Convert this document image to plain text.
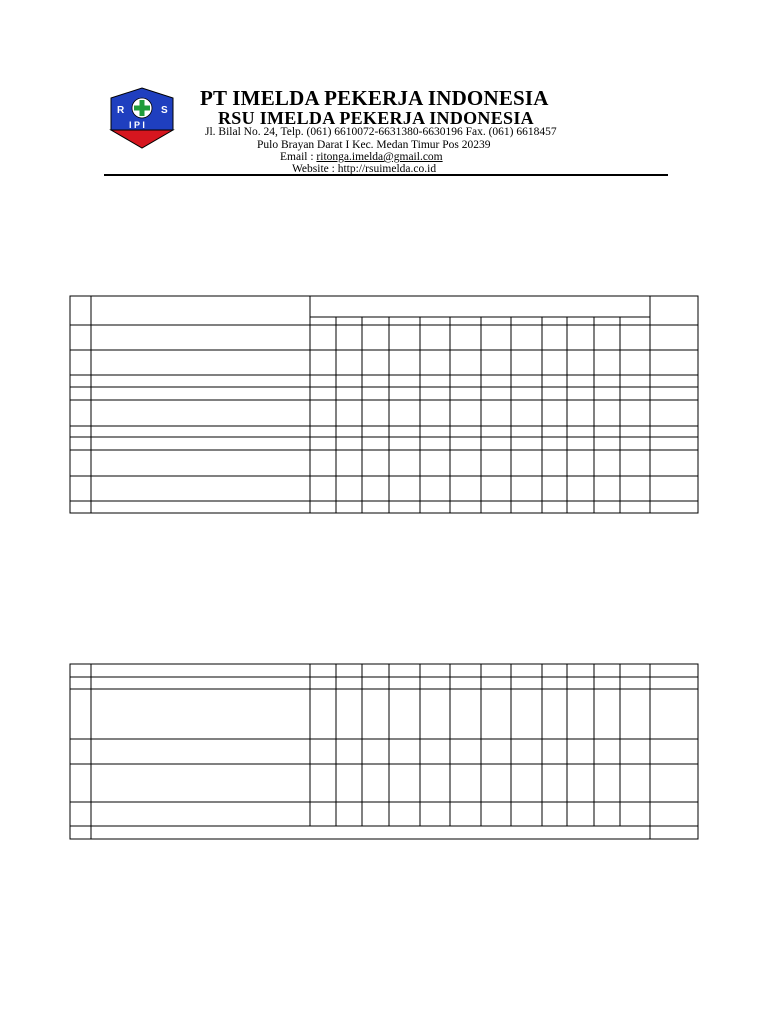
R	S
I P I
PT IMELDA PEKERJA INDONESIA
RSU IMELDA PEKERJA INDONESIA
Jl. Bilal No. 24, Telp. (061) 6610072-6631380-6630196 Fax. (061) 6618457
Pulo Brayan Darat I Kec. Medan Timur Pos 20239
Email : ritonga.imelda@gmail.com
Website : http://rsuimelda.co.id
